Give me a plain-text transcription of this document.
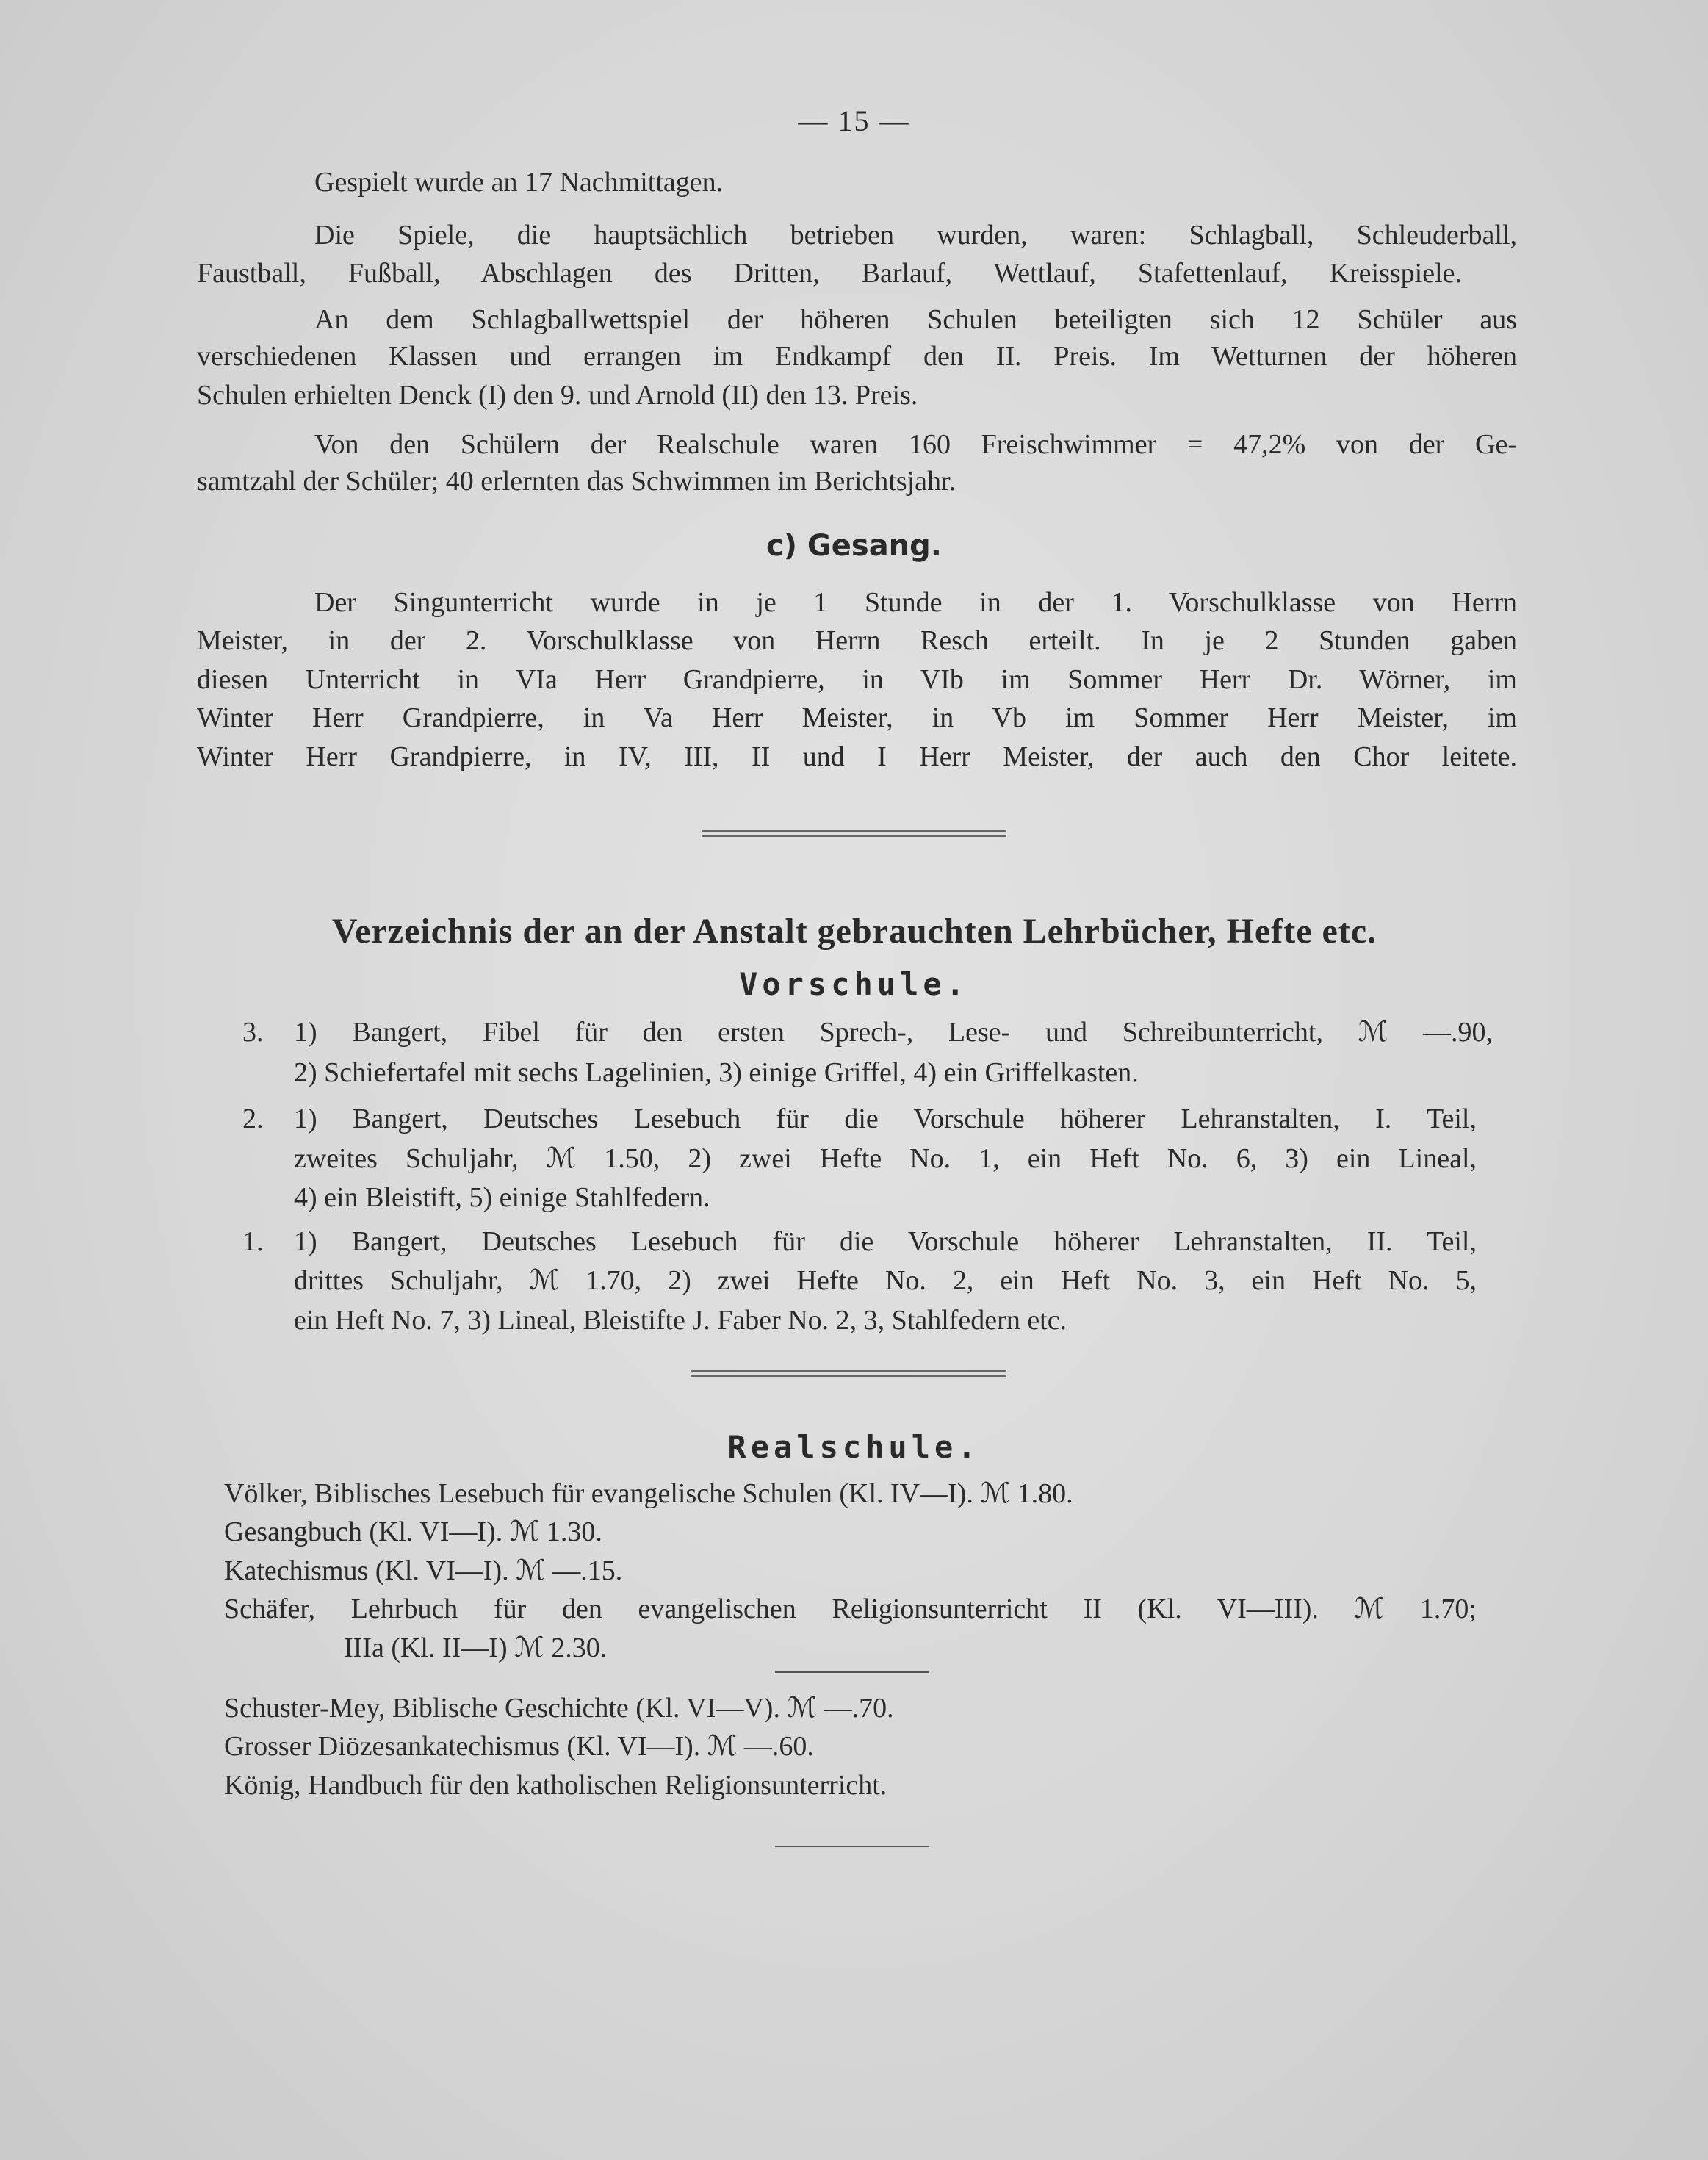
— 15 —
Gespielt wurde an 17 Nachmittagen.
Die Spiele, die hauptsächlich betrieben wurden, waren: Schlagball, Schleuderball,
Faustball, Fußball, Abschlagen des Dritten, Barlauf, Wettlauf, Stafettenlauf, Kreisspiele.
An dem Schlagballwettspiel der höheren Schulen beteiligten sich 12 Schüler aus
verschiedenen Klassen und errangen im Endkampf den II. Preis. Im Wetturnen der höheren
Schulen erhielten Denck (I) den 9. und Arnold (II) den 13. Preis.
Von den Schülern der Realschule waren 160 Freischwimmer = 47,2% von der Ge-
samtzahl der Schüler; 40 erlernten das Schwimmen im Berichtsjahr.
c) Gesang.
Der Singunterricht wurde in je 1 Stunde in der 1. Vorschulklasse von Herrn
Meister, in der 2. Vorschulklasse von Herrn Resch erteilt. In je 2 Stunden gaben
diesen Unterricht in VIa Herr Grandpierre, in VIb im Sommer Herr Dr. Wörner, im
Winter Herr Grandpierre, in Va Herr Meister, in Vb im Sommer Herr Meister, im
Winter Herr Grandpierre, in IV, III, II und I Herr Meister, der auch den Chor leitete.
Verzeichnis der an der Anstalt gebrauchten Lehrbücher, Hefte etc.
Vorschule.
3. 1) Bangert, Fibel für den ersten Sprech-, Lese- und Schreibunterricht, ℳ —.90,
2) Schiefertafel mit sechs Lagelinien, 3) einige Griffel, 4) ein Griffelkasten.
2. 1) Bangert, Deutsches Lesebuch für die Vorschule höherer Lehranstalten, I. Teil,
zweites Schuljahr, ℳ 1.50, 2) zwei Hefte No. 1, ein Heft No. 6, 3) ein Lineal,
4) ein Bleistift, 5) einige Stahlfedern.
1. 1) Bangert, Deutsches Lesebuch für die Vorschule höherer Lehranstalten, II. Teil,
drittes Schuljahr, ℳ 1.70, 2) zwei Hefte No. 2, ein Heft No. 3, ein Heft No. 5,
ein Heft No. 7, 3) Lineal, Bleistifte J. Faber No. 2, 3, Stahlfedern etc.
Realschule.
Völker, Biblisches Lesebuch für evangelische Schulen (Kl. IV—I). ℳ 1.80.
Gesangbuch (Kl. VI—I). ℳ 1.30.
Katechismus (Kl. VI—I). ℳ —.15.
Schäfer, Lehrbuch für den evangelischen Religionsunterricht II (Kl. VI—III). ℳ 1.70;
IIIa (Kl. II—I) ℳ 2.30.
Schuster-Mey, Biblische Geschichte (Kl. VI—V). ℳ —.70.
Grosser Diözesankatechismus (Kl. VI—I). ℳ —.60.
König, Handbuch für den katholischen Religionsunterricht.
